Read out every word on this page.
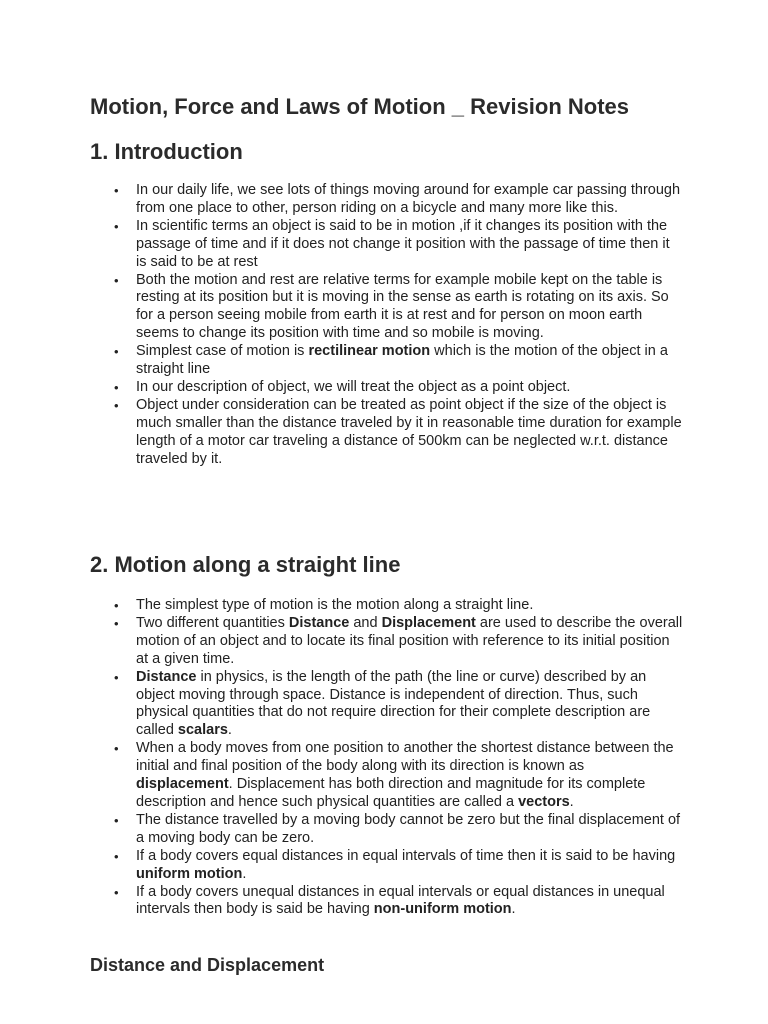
Motion, Force and Laws of Motion _ Revision Notes
1. Introduction
• In our daily life, we see lots of things moving around for example car passing through from one place to other, person riding on a bicycle and many more like this.
• In scientific terms an object is said to be in motion ,if it changes its position with the passage of time and if it does not change it position with the passage of time then it is said to be at rest
• Both the motion and rest are relative terms for example mobile kept on the table is resting at its position but it is moving in the sense as earth is rotating on its axis. So for a person seeing mobile from earth it is at rest and for person on moon earth seems to change its position with time and so mobile is moving.
• Simplest case of motion is rectilinear motion which is the motion of the object in a straight line
• In our description of object, we will treat the object as a point object.
• Object under consideration can be treated as point object if the size of the object is much smaller than the distance traveled by it in reasonable time duration for example length of a motor car traveling a distance of 500km can be neglected w.r.t. distance traveled by it.
2. Motion along a straight line
• The simplest type of motion is the motion along a straight line.
• Two different quantities Distance and Displacement are used to describe the overall motion of an object and to locate its final position with reference to its initial position at a given time.
• Distance in physics, is the length of the path (the line or curve) described by an object moving through space. Distance is independent of direction. Thus, such physical quantities that do not require direction for their complete description are called scalars.
• When a body moves from one position to another the shortest distance between the initial and final position of the body along with its direction is known as displacement. Displacement has both direction and magnitude for its complete description and hence such physical quantities are called a vectors.
• The distance travelled by a moving body cannot be zero but the final displacement of a moving body can be zero.
• If a body covers equal distances in equal intervals of time then it is said to be having uniform motion.
• If a body covers unequal distances in equal intervals or equal distances in unequal intervals then body is said be having non-uniform motion.
Distance and Displacement
